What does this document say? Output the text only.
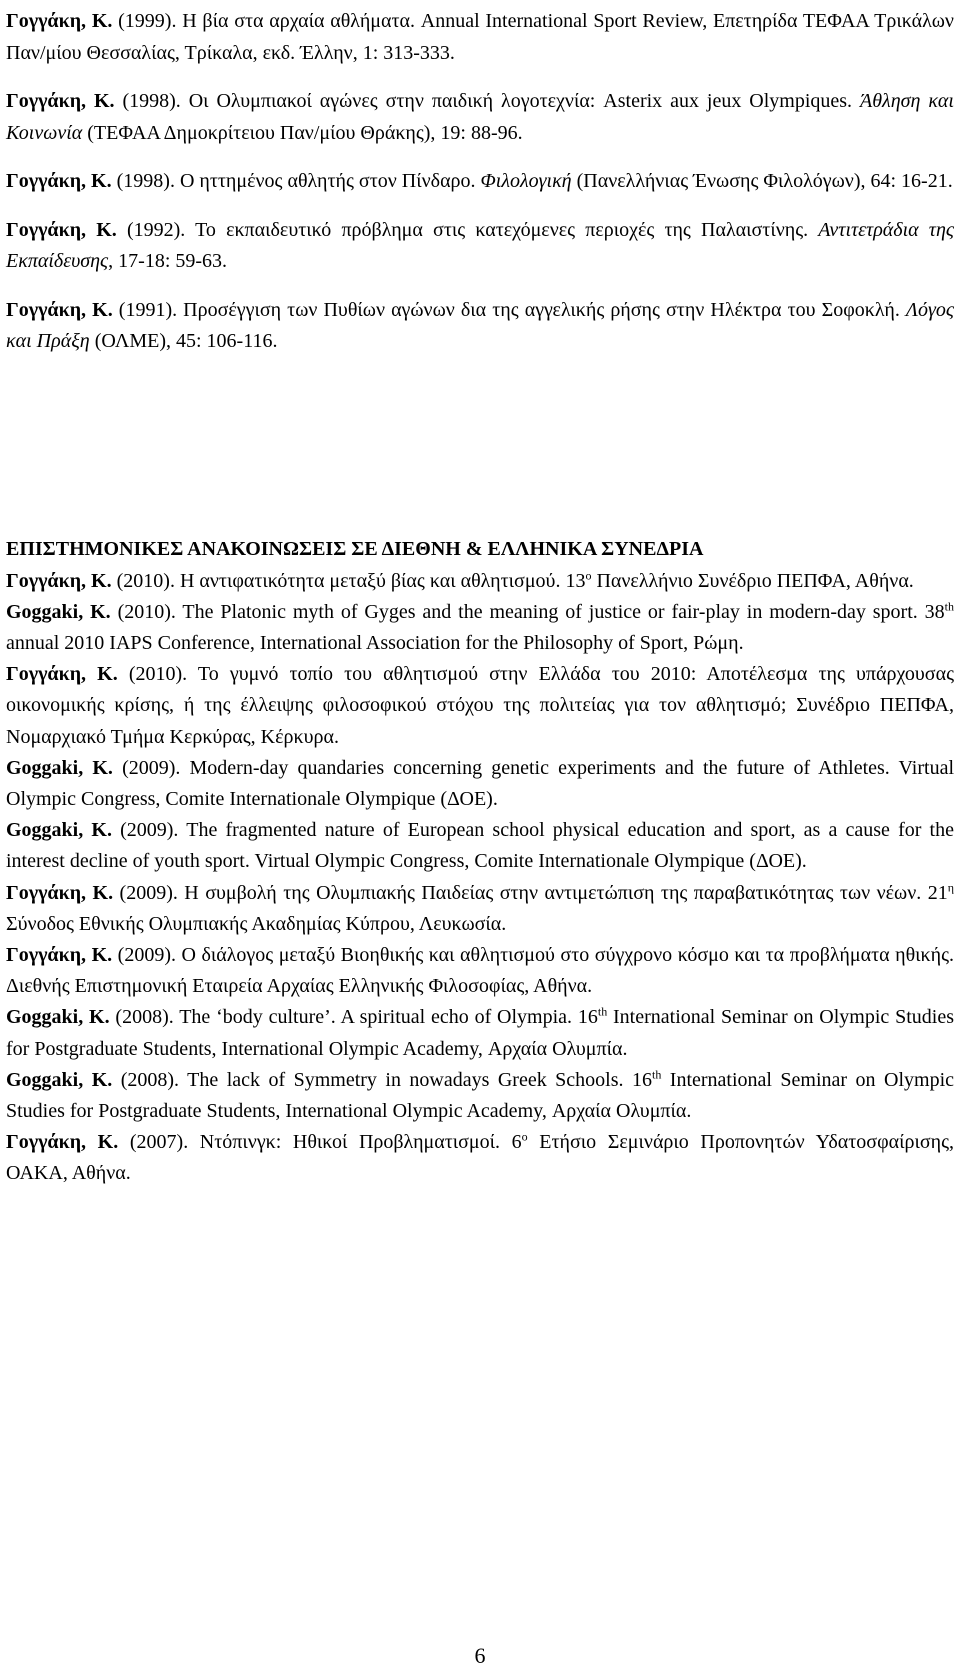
Γογγάκη, Κ. (1999). Η βία στα αρχαία αθλήματα. Annual International Sport Review, Επετηρίδα ΤΕΦΑΑ Τρικάλων Παν/μίου Θεσσαλίας, Τρίκαλα, εκδ. Έλλην, 1: 313-333.

Γογγάκη, Κ. (1998). Οι Ολυμπιακοί αγώνες στην παιδική λογοτεχνία: Asterix aux jeux Olympiques. Άθληση και Κοινωνία (ΤΕΦΑΑ Δημοκρίτειου Παν/μίου Θράκης), 19: 88-96.

Γογγάκη, Κ. (1998). Ο ηττημένος αθλητής στον Πίνδαρο. Φιλολογική (Πανελλήνιας Ένωσης Φιλολόγων), 64: 16-21.

Γογγάκη, Κ. (1992). Το εκπαιδευτικό πρόβλημα στις κατεχόμενες περιοχές της Παλαιστίνης. Αντιτετράδια της Εκπαίδευσης, 17-18: 59-63.

Γογγάκη, Κ. (1991). Προσέγγιση των Πυθίων αγώνων δια της αγγελικής ρήσης στην Ηλέκτρα του Σοφοκλή. Λόγος και Πράξη (ΟΛΜΕ), 45: 106-116.

ΕΠΙΣΤΗΜΟΝΙΚΕΣ ΑΝΑΚΟΙΝΩΣΕΙΣ ΣΕ ΔΙΕΘΝΗ & ΕΛΛΗΝΙΚΑ ΣΥΝΕΔΡΙΑ

Γογγάκη, Κ. (2010). Η αντιφατικότητα μεταξύ βίας και αθλητισμού. $13^o$ Πανελλήνιο Συνέδριο ΠΕΠΦΑ, Αθήνα.

Goggaki, K. (2010). The Platonic myth of Gyges and the meaning of justice or fair-play in modern-day sport. 38th annual 2010 IAPS Conference, International Association for the Philosophy of Sport, Ρώμη.

Γογγάκη, Κ. (2010). Το γυμνό τοπίο του αθλητισμού στην Ελλάδα του 2010: Αποτέλεσμα της υπάρχουσας οικονομικής κρίσης, ή της έλλειψης φιλοσοφικού στόχου της πολιτείας για τον αθλητισμό; Συνέδριο ΠΕΠΦΑ, Νομαρχιακό Τμήμα Κερκύρας, Κέρκυρα.

Goggaki, K. (2009). Modern-day quandaries concerning genetic experiments and the future of Athletes. Virtual Olympic Congress, Comite Internationale Olympique (ΔΟΕ).

Goggaki, K. (2009). The fragmented nature of European school physical education and sport, as a cause for the interest decline of youth sport. Virtual Olympic Congress, Comite Internationale Olympique (ΔΟΕ).

Γογγάκη, Κ. (2009). Η συμβολή της Ολυμπιακής Παιδείας στην αντιμετώπιση της παραβατικότητας των νέων. $21^\eta$ Σύνοδος Εθνικής Ολυμπιακής Ακαδημίας Κύπρου, Λευκωσία.

Γογγάκη, Κ. (2009). Ο διάλογος μεταξύ Βιοηθικής και αθλητισμού στο σύγχρονο κόσμο και τα προβλήματα ηθικής. Διεθνής Επιστημονική Εταιρεία Αρχαίας Ελληνικής Φιλοσοφίας, Αθήνα.

Goggaki, K. (2008). The ‘body culture’. A spiritual echo of Olympia. 16th International Seminar on Olympic Studies for Postgraduate Students, International Olympic Academy, Αρχαία Ολυμπία.

Goggaki, K. (2008). The lack of Symmetry in nowadays Greek Schools. 16th International Seminar on Olympic Studies for Postgraduate Students, International Olympic Academy, Αρχαία Ολυμπία.

Γογγάκη, Κ. (2007). Ντόπινγκ: Ηθικοί Προβληματισμοί. $6^o$ Ετήσιο Σεμινάριο Προπονητών Υδατοσφαίρισης, ΟΑΚΑ, Αθήνα.

6
